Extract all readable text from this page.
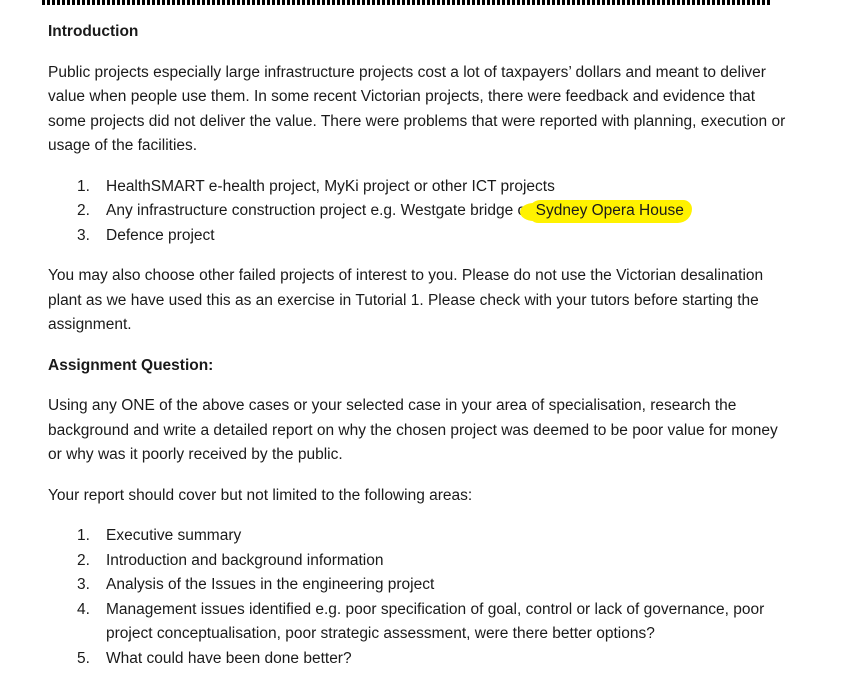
Introduction

Public projects especially large infrastructure projects cost a lot of taxpayers’ dollars and meant to deliver value when people use them. In some recent Victorian projects, there were feedback and evidence that some projects did not deliver the value. There were problems that were reported with planning, execution or usage of the facilities.

1. HealthSMART e-health project, MyKi project or other ICT projects
2. Any infrastructure construction project e.g. Westgate bridge or Sydney Opera House
3. Defence project

You may also choose other failed projects of interest to you. Please do not use the Victorian desalination plant as we have used this as an exercise in Tutorial 1. Please check with your tutors before starting the assignment.

Assignment Question:

Using any ONE of the above cases or your selected case in your area of specialisation, research the background and write a detailed report on why the chosen project was deemed to be poor value for money or why was it poorly received by the public.

Your report should cover but not limited to the following areas:

1. Executive summary
2. Introduction and background information
3. Analysis of the Issues in the engineering project
4. Management issues identified e.g. poor specification of goal, control or lack of governance, poor project conceptualisation, poor strategic assessment, were there better options?
5. What could have been done better?
